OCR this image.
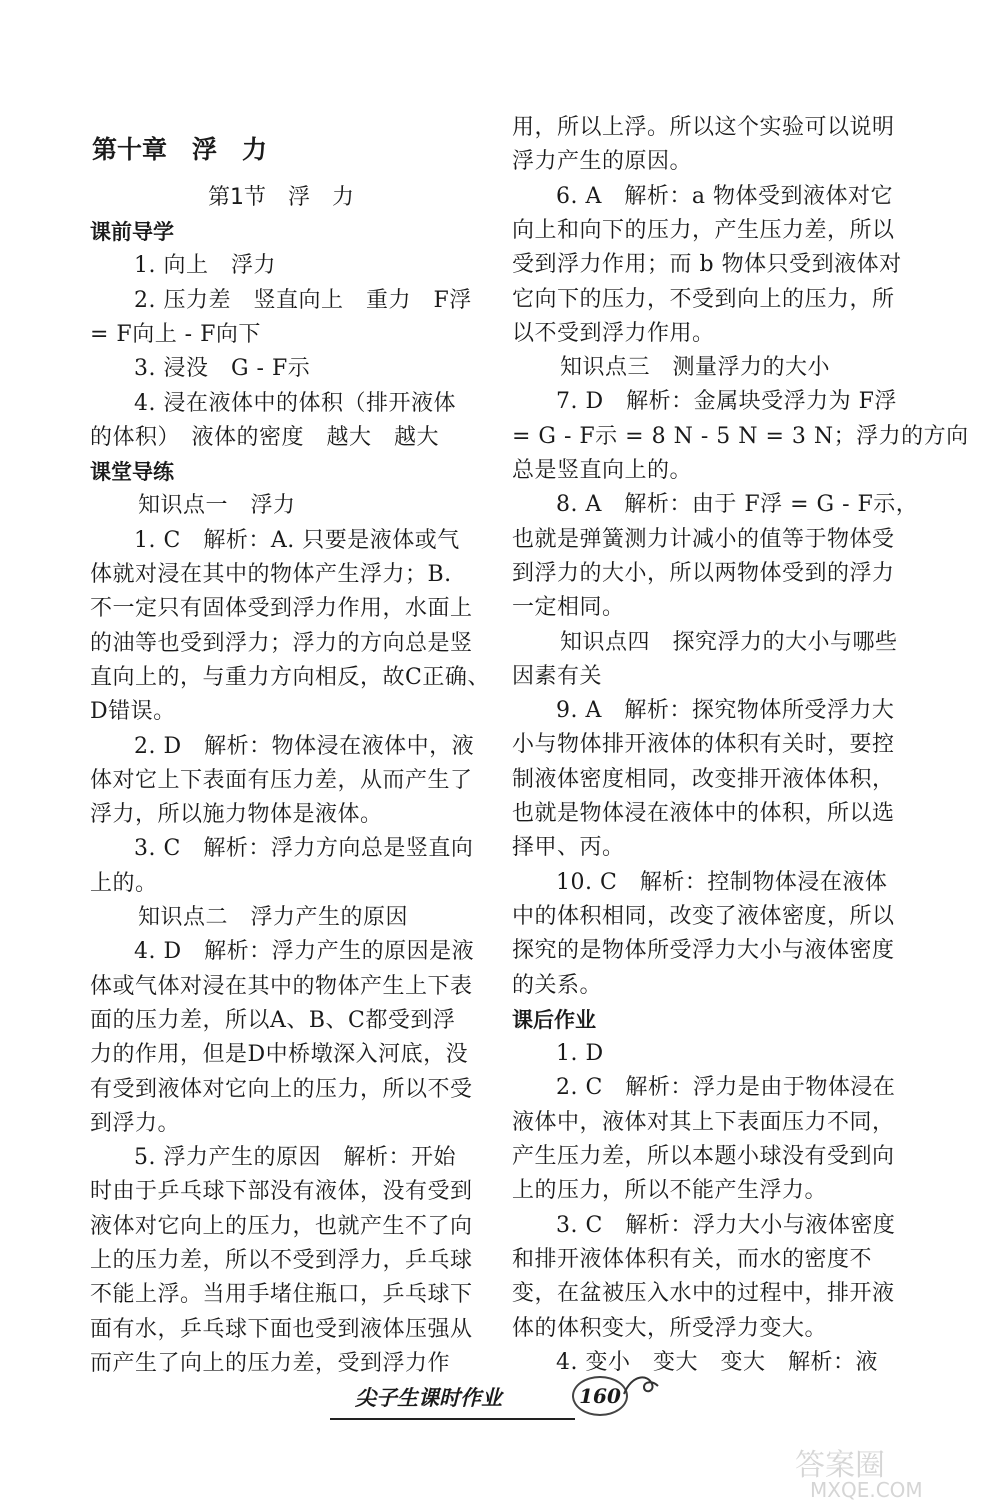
第十章　浮　力
第1节　浮　力
课前导学
1. 向上　浮力
2. 压力差　竖直向上　重力　F浮
= F向上 - F向下
3. 浸没　G - F示
4. 浸在液体中的体积（排开液体
的体积）　液体的密度　越大　越大
课堂导练
知识点一　浮力
1. C　解析：A. 只要是液体或气
体就对浸在其中的物体产生浮力；B.
不一定只有固体受到浮力作用，水面上
的油等也受到浮力；浮力的方向总是竖
直向上的，与重力方向相反，故C正确、
D错误。
2. D　解析：物体浸在液体中，液
体对它上下表面有压力差，从而产生了
浮力，所以施力物体是液体。
3. C　解析：浮力方向总是竖直向
上的。
知识点二　浮力产生的原因
4. D　解析：浮力产生的原因是液
体或气体对浸在其中的物体产生上下表
面的压力差，所以A、B、C都受到浮
力的作用，但是D中桥墩深入河底，没
有受到液体对它向上的压力，所以不受
到浮力。
5. 浮力产生的原因　解析：开始
时由于乒乓球下部没有液体，没有受到
液体对它向上的压力，也就产生不了向
上的压力差，所以不受到浮力，乒乓球
不能上浮。当用手堵住瓶口，乒乓球下
面有水，乒乓球下面也受到液体压强从
而产生了向上的压力差，受到浮力作
用，所以上浮。所以这个实验可以说明
浮力产生的原因。
6. A　解析：a 物体受到液体对它
向上和向下的压力，产生压力差，所以
受到浮力作用；而 b 物体只受到液体对
它向下的压力，不受到向上的压力，所
以不受到浮力作用。
知识点三　测量浮力的大小
7. D　解析：金属块受浮力为 F浮
= G - F示 = 8 N - 5 N = 3 N；浮力的方向
总是竖直向上的。
8. A　解析：由于 F浮 = G - F示，
也就是弹簧测力计减小的值等于物体受
到浮力的大小，所以两物体受到的浮力
一定相同。
知识点四　探究浮力的大小与哪些
因素有关
9. A　解析：探究物体所受浮力大
小与物体排开液体的体积有关时，要控
制液体密度相同，改变排开液体体积，
也就是物体浸在液体中的体积，所以选
择甲、丙。
10. C　解析：控制物体浸在液体
中的体积相同，改变了液体密度，所以
探究的是物体所受浮力大小与液体密度
的关系。
课后作业
1. D
2. C　解析：浮力是由于物体浸在
液体中，液体对其上下表面压力不同，
产生压力差，所以本题小球没有受到向
上的压力，所以不能产生浮力。
3. C　解析：浮力大小与液体密度
和排开液体体积有关，而水的密度不
变，在盆被压入水中的过程中，排开液
体的体积变大，所受浮力变大。
4. 变小　变大　变大　解析：液
尖子生课时作业	160
答案圈
MXQE.COM
